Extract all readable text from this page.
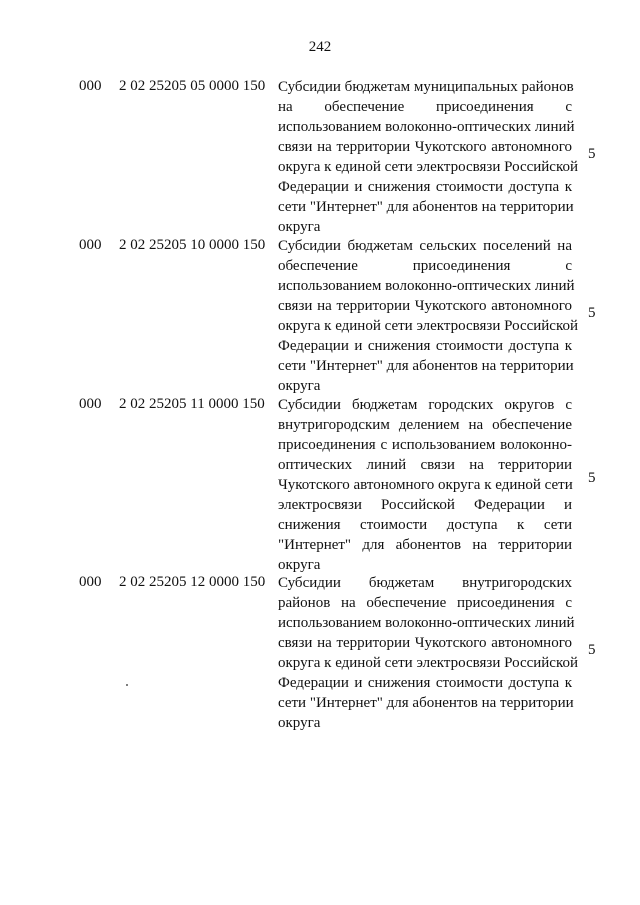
242
000 2 02 25205 05 0000 150 Субсидии бюджетам муниципальных районов
на обеспечение присоединения с
использованием волоконно-оптических линий
связи на территории Чукотского автономного
округа к единой сети электросвязи Российской
Федерации и снижения стоимости доступа к
сети "Интернет" для абонентов на территории
округа
5
000 2 02 25205 10 0000 150 Субсидии бюджетам сельских поселений на
обеспечение присоединения с
использованием волоконно-оптических линий
связи на территории Чукотского автономного
округа к единой сети электросвязи Российской
Федерации и снижения стоимости доступа к
сети "Интернет" для абонентов на территории
округа
5
000 2 02 25205 11 0000 150 Субсидии бюджетам городских округов с
внутригородским делением на обеспечение
присоединения с использованием волоконно-
оптических линий связи на территории
Чукотского автономного округа к единой сети
электросвязи Российской Федерации и
снижения стоимости доступа к сети
"Интернет" для абонентов на территории
округа
5
000 2 02 25205 12 0000 150 Субсидии бюджетам внутригородских
районов на обеспечение присоединения с
использованием волоконно-оптических линий
связи на территории Чукотского автономного
округа к единой сети электросвязи Российской
Федерации и снижения стоимости доступа к
сети "Интернет" для абонентов на территории
округа
5
